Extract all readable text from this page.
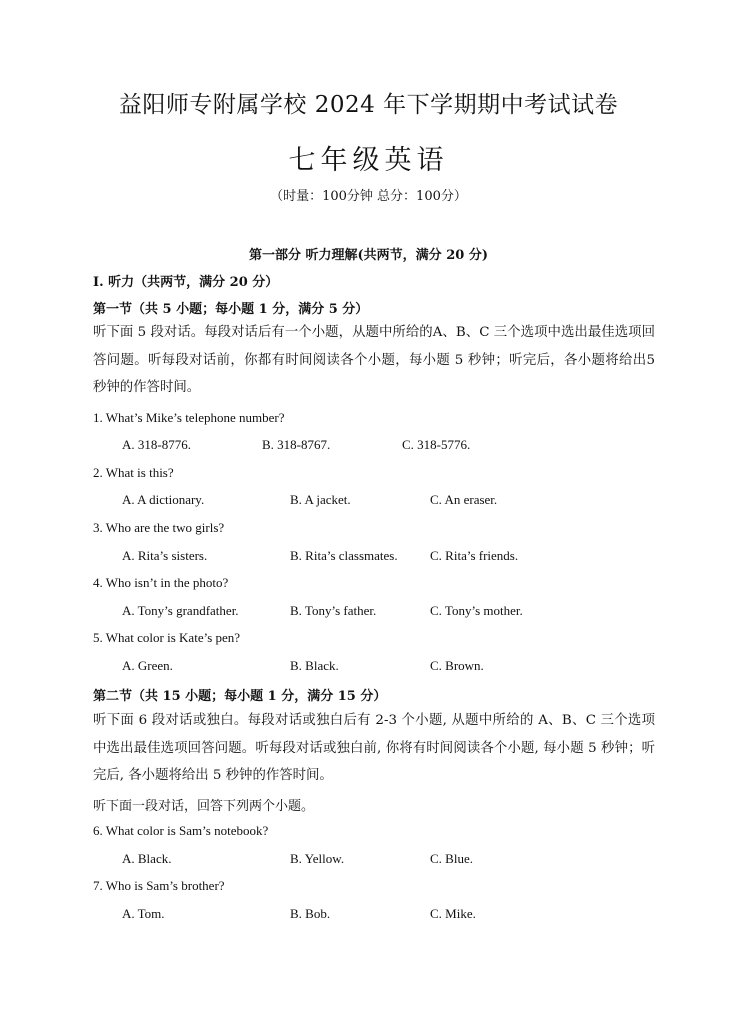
益阳师专附属学校 2024 年下学期期中考试试卷
七年级英语
（时量：100分钟 总分：100分）
第一部分 听力理解(共两节，满分 20 分)
I. 听力（共两节，满分 20 分）
第一节（共 5 小题；每小题 1 分，满分 5 分）
听下面 5 段对话。每段对话后有一个小题，从题中所给的A、B、C 三个选项中选出最佳选项回答问题。听每段对话前，你都有时间阅读各个小题，每小题 5 秒钟；听完后，各小题将给出5 秒钟的作答时间。
1. What’s Mike’s telephone number?
A. 318-8776.	B. 318-8767.	C. 318-5776.
2. What is this?
A. A dictionary.	B. A jacket.	C. An eraser.
3. Who are the two girls?
A. Rita’s sisters.	B. Rita’s classmates. C. Rita’s friends.
4. Who isn’t in the photo?
A. Tony’s grandfather.	B. Tony’s father.	C. Tony’s mother.
5. What color is Kate’s pen?
A. Green.	B. Black.	C. Brown.
第二节（共 15 小题；每小题 1 分，满分 15 分）
听下面 6 段对话或独白。每段对话或独白后有 2-3 个小题, 从题中所给的 A、B、C 三个选项中选出最佳选项回答问题。听每段对话或独白前, 你将有时间阅读各个小题, 每小题 5 秒钟；听完后, 各小题将给出 5 秒钟的作答时间。
听下面一段对话，回答下列两个小题。
6. What color is Sam’s notebook?
A. Black.	B. Yellow.	C. Blue.
7. Who is Sam’s brother?
A. Tom.	B. Bob.	C. Mike.
